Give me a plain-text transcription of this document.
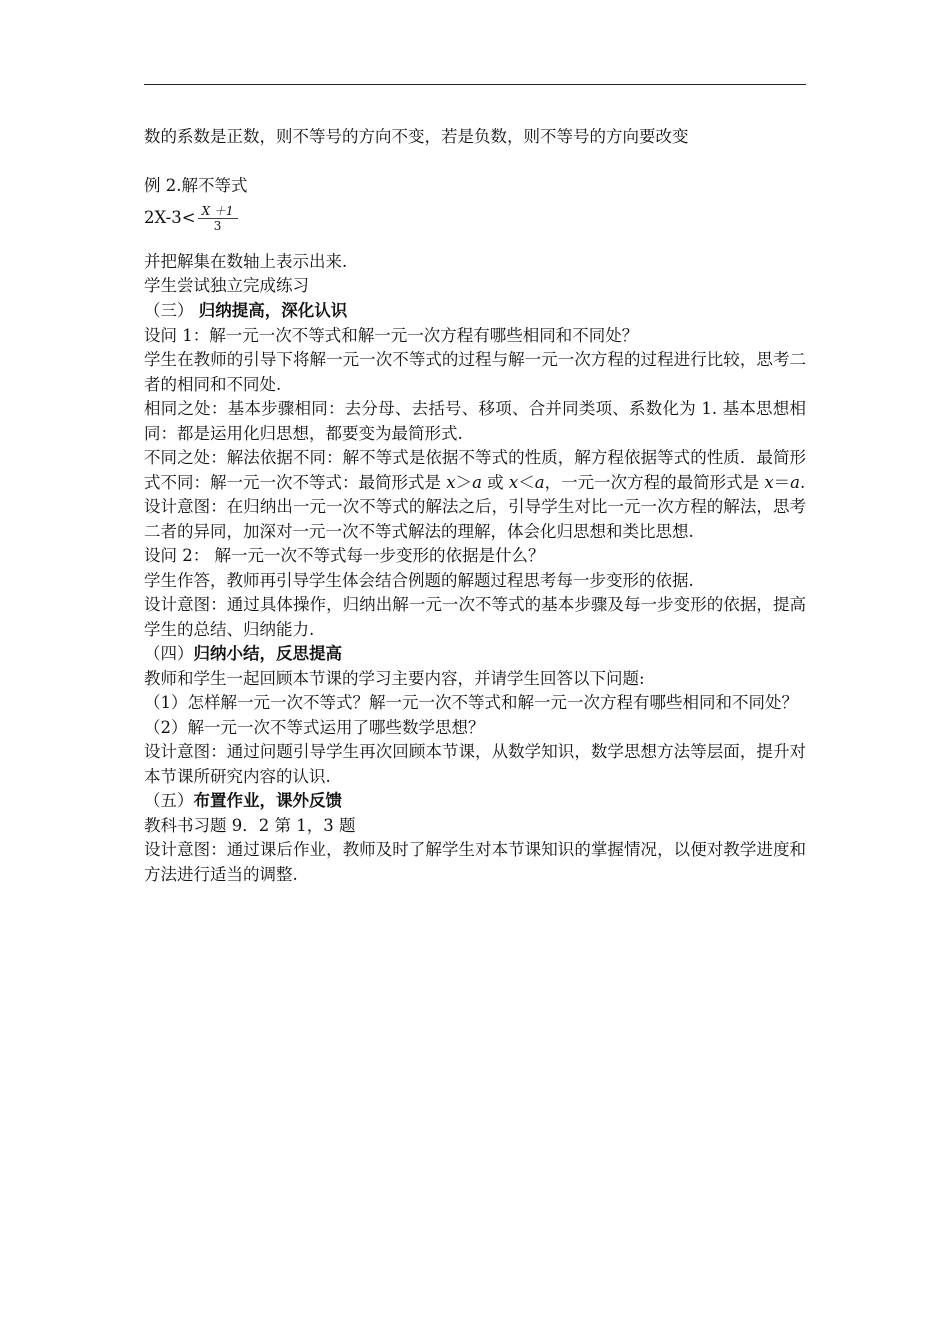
数的系数是正数，则不等号的方向不变，若是负数，则不等号的方向要改变

例 2.解不等式

$2X-3< \frac{X +1}{3}$

并把解集在数轴上表示出来.

学生尝试独立完成练习

（三） 归纳提高，深化认识

设问 1：解一元一次不等式和解一元一次方程有哪些相同和不同处？

学生在教师的引导下将解一元一次不等式的过程与解一元一次方程的过程进行比较，思考二者的相同和不同处.

相同之处：基本步骤相同：去分母、去括号、移项、合并同类项、系数化为 1. 基本思想相同：都是运用化归思想，都要变为最简形式.

不同之处：解法依据不同：解不等式是依据不等式的性质，解方程依据等式的性质．最简形式不同：解一元一次不等式：最简形式是 x＞a 或 x＜a，一元一次方程的最简形式是 x＝a.

设计意图：在归纳出一元一次不等式的解法之后，引导学生对比一元一次方程的解法，思考二者的异同，加深对一元一次不等式解法的理解，体会化归思想和类比思想.

设问 2： 解一元一次不等式每一步变形的依据是什么？

学生作答，教师再引导学生体会结合例题的解题过程思考每一步变形的依据.

设计意图：通过具体操作，归纳出解一元一次不等式的基本步骤及每一步变形的依据，提高学生的总结、归纳能力.

（四）归纳小结，反思提高

教师和学生一起回顾本节课的学习主要内容，并请学生回答以下问题:

（1）怎样解一元一次不等式？解一元一次不等式和解一元一次方程有哪些相同和不同处？

（2）解一元一次不等式运用了哪些数学思想？

设计意图：通过问题引导学生再次回顾本节课，从数学知识，数学思想方法等层面，提升对本节课所研究内容的认识.

（五）布置作业，课外反馈

教科书习题 9．2 第 1，3 题

设计意图：通过课后作业，教师及时了解学生对本节课知识的掌握情况，以便对教学进度和方法进行适当的调整.
